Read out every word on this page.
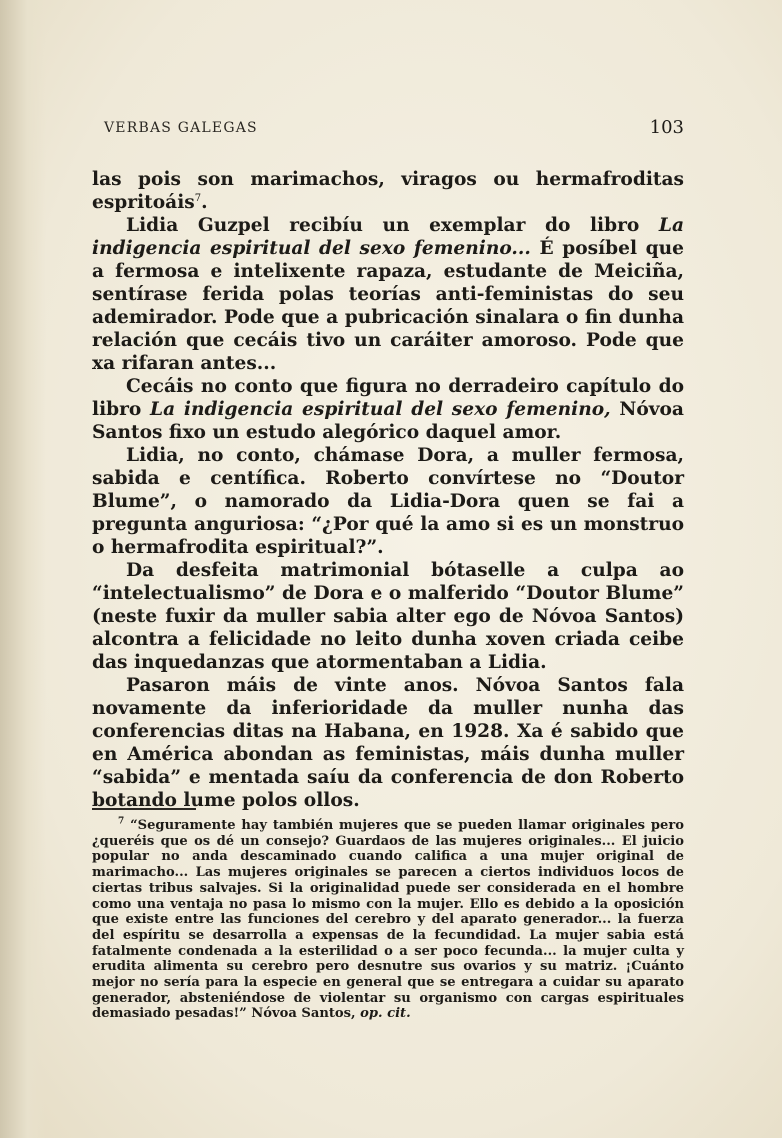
VERBAS GALEGAS	103

las pois son marimachos, viragos ou hermafroditas espritoáis$^7$.

Lidia Guzpel recibíu un exemplar do libro La indigencia espiritual del sexo femenino... É posíbel que a fermosa e intelixente rapaza, estudante de Meiciña, sentírase ferida polas teorías anti-feministas do seu ademirador. Pode que a pubricación sinalara o fin dunha relación que cecáis tivo un caráiter amoroso. Pode que xa rifaran antes...

Cecáis no conto que figura no derradeiro capítulo do libro La indigencia espiritual del sexo femenino, Nóvoa Santos fixo un estudo alegórico daquel amor.

Lidia, no conto, chámase Dora, a muller fermosa, sabida e centífica. Roberto convírtese no “Doutor Blume”, o namorado da Lidia-Dora quen se fai a pregunta anguriosa: “¿Por qué la amo si es un monstruo o hermafrodita espiritual?”.

Da desfeita matrimonial bótaselle a culpa ao “intelectualismo” de Dora e o malferido “Doutor Blume” (neste fuxir da muller sabia alter ego de Nóvoa Santos) alcontra a felicidade no leito dunha xoven criada ceibe das inquedanzas que atormentaban a Lidia.

Pasaron máis de vinte anos. Nóvoa Santos fala novamente da inferioridade da muller nunha das conferencias ditas na Habana, en 1928. Xa é sabido que en América abondan as feministas, máis dunha muller “sabida” e mentada saíu da conferencia de don Roberto botando lume polos ollos.

$^7$ “Seguramente hay también mujeres que se pueden llamar originales pero ¿queréis que os dé un consejo? Guardaos de las mujeres originales... El juicio popular no anda descaminado cuando califica a una mujer original de marimacho... Las mujeres originales se parecen a ciertos individuos locos de ciertas tribus salvajes. Si la originalidad puede ser considerada en el hombre como una ventaja no pasa lo mismo con la mujer. Ello es debido a la oposición que existe entre las funciones del cerebro y del aparato generador... la fuerza del espíritu se desarrolla a expensas de la fecundidad. La mujer sabia está fatalmente condenada a la esterilidad o a ser poco fecunda... la mujer culta y erudita alimenta su cerebro pero desnutre sus ovarios y su matriz. ¡Cuánto mejor no sería para la especie en general que se entregara a cuidar su aparato generador, absteniéndose de violentar su organismo con cargas espirituales demasiado pesadas!” Nóvoa Santos, op. cit.
